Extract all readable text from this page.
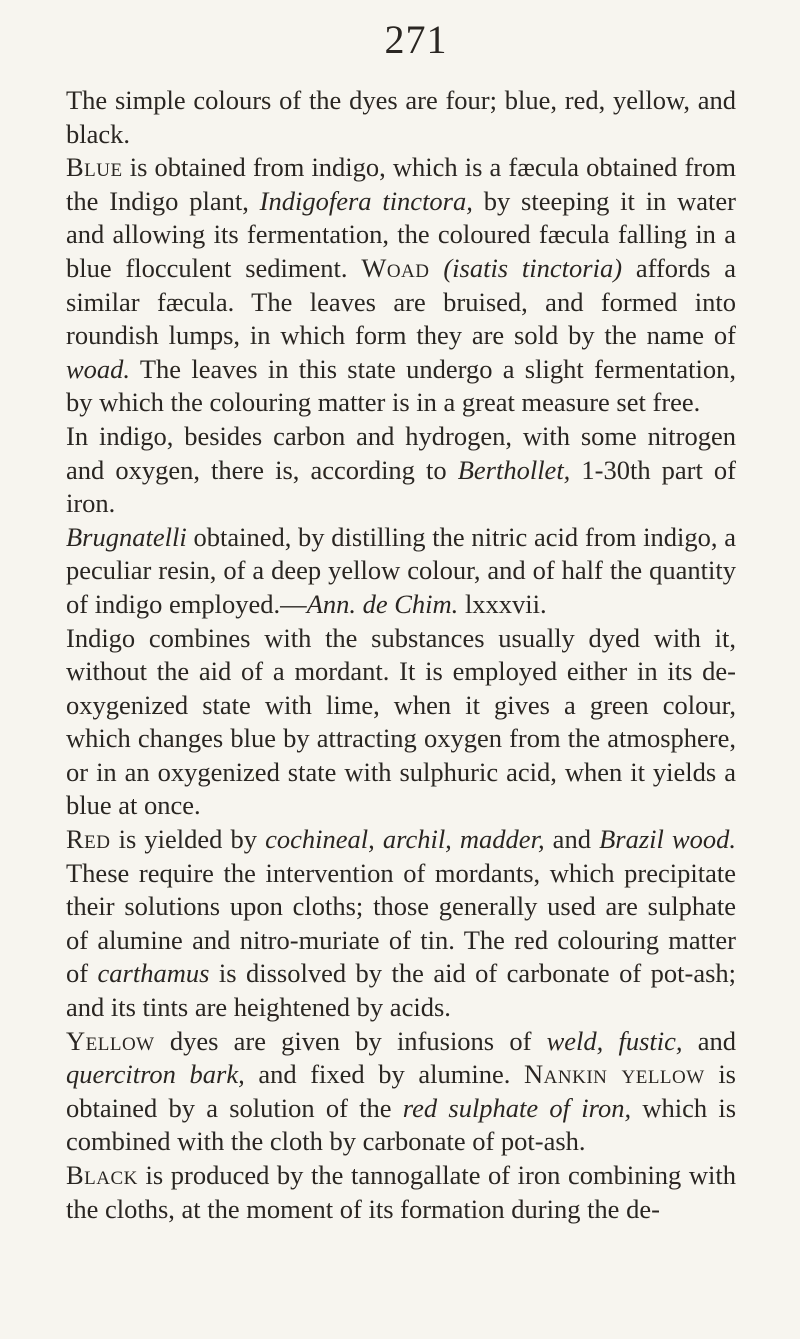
271

The simple colours of the dyes are four; blue, red, yellow, and black.

Blue is obtained from indigo, which is a fæcula obtained from the Indigo plant, Indigofera tinctora, by steeping it in water and allowing its fermentation, the coloured fæcula falling in a blue flocculent sediment. Woad (isatis tinctoria) affords a similar fæcula. The leaves are bruised, and formed into roundish lumps, in which form they are sold by the name of woad. The leaves in this state undergo a slight fermentation, by which the colouring matter is in a great measure set free.

In indigo, besides carbon and hydrogen, with some nitrogen and oxygen, there is, according to Berthollet, 1-30th part of iron.

Brugnatelli obtained, by distilling the nitric acid from indigo, a peculiar resin, of a deep yellow colour, and of half the quantity of indigo employed.—Ann. de Chim. lxxxvii.

Indigo combines with the substances usually dyed with it, without the aid of a mordant. It is employed either in its de-oxygenized state with lime, when it gives a green colour, which changes blue by attracting oxygen from the atmosphere, or in an oxygenized state with sulphuric acid, when it yields a blue at once.

Red is yielded by cochineal, archil, madder, and Brazil wood. These require the intervention of mordants, which precipitate their solutions upon cloths; those generally used are sulphate of alumine and nitro-muriate of tin. The red colouring matter of carthamus is dissolved by the aid of carbonate of pot-ash; and its tints are heightened by acids.

Yellow dyes are given by infusions of weld, fustic, and quercitron bark, and fixed by alumine. Nankin yellow is obtained by a solution of the red sulphate of iron, which is combined with the cloth by carbonate of pot-ash.

Black is produced by the tannogallate of iron combining with the cloths, at the moment of its formation during the de-
